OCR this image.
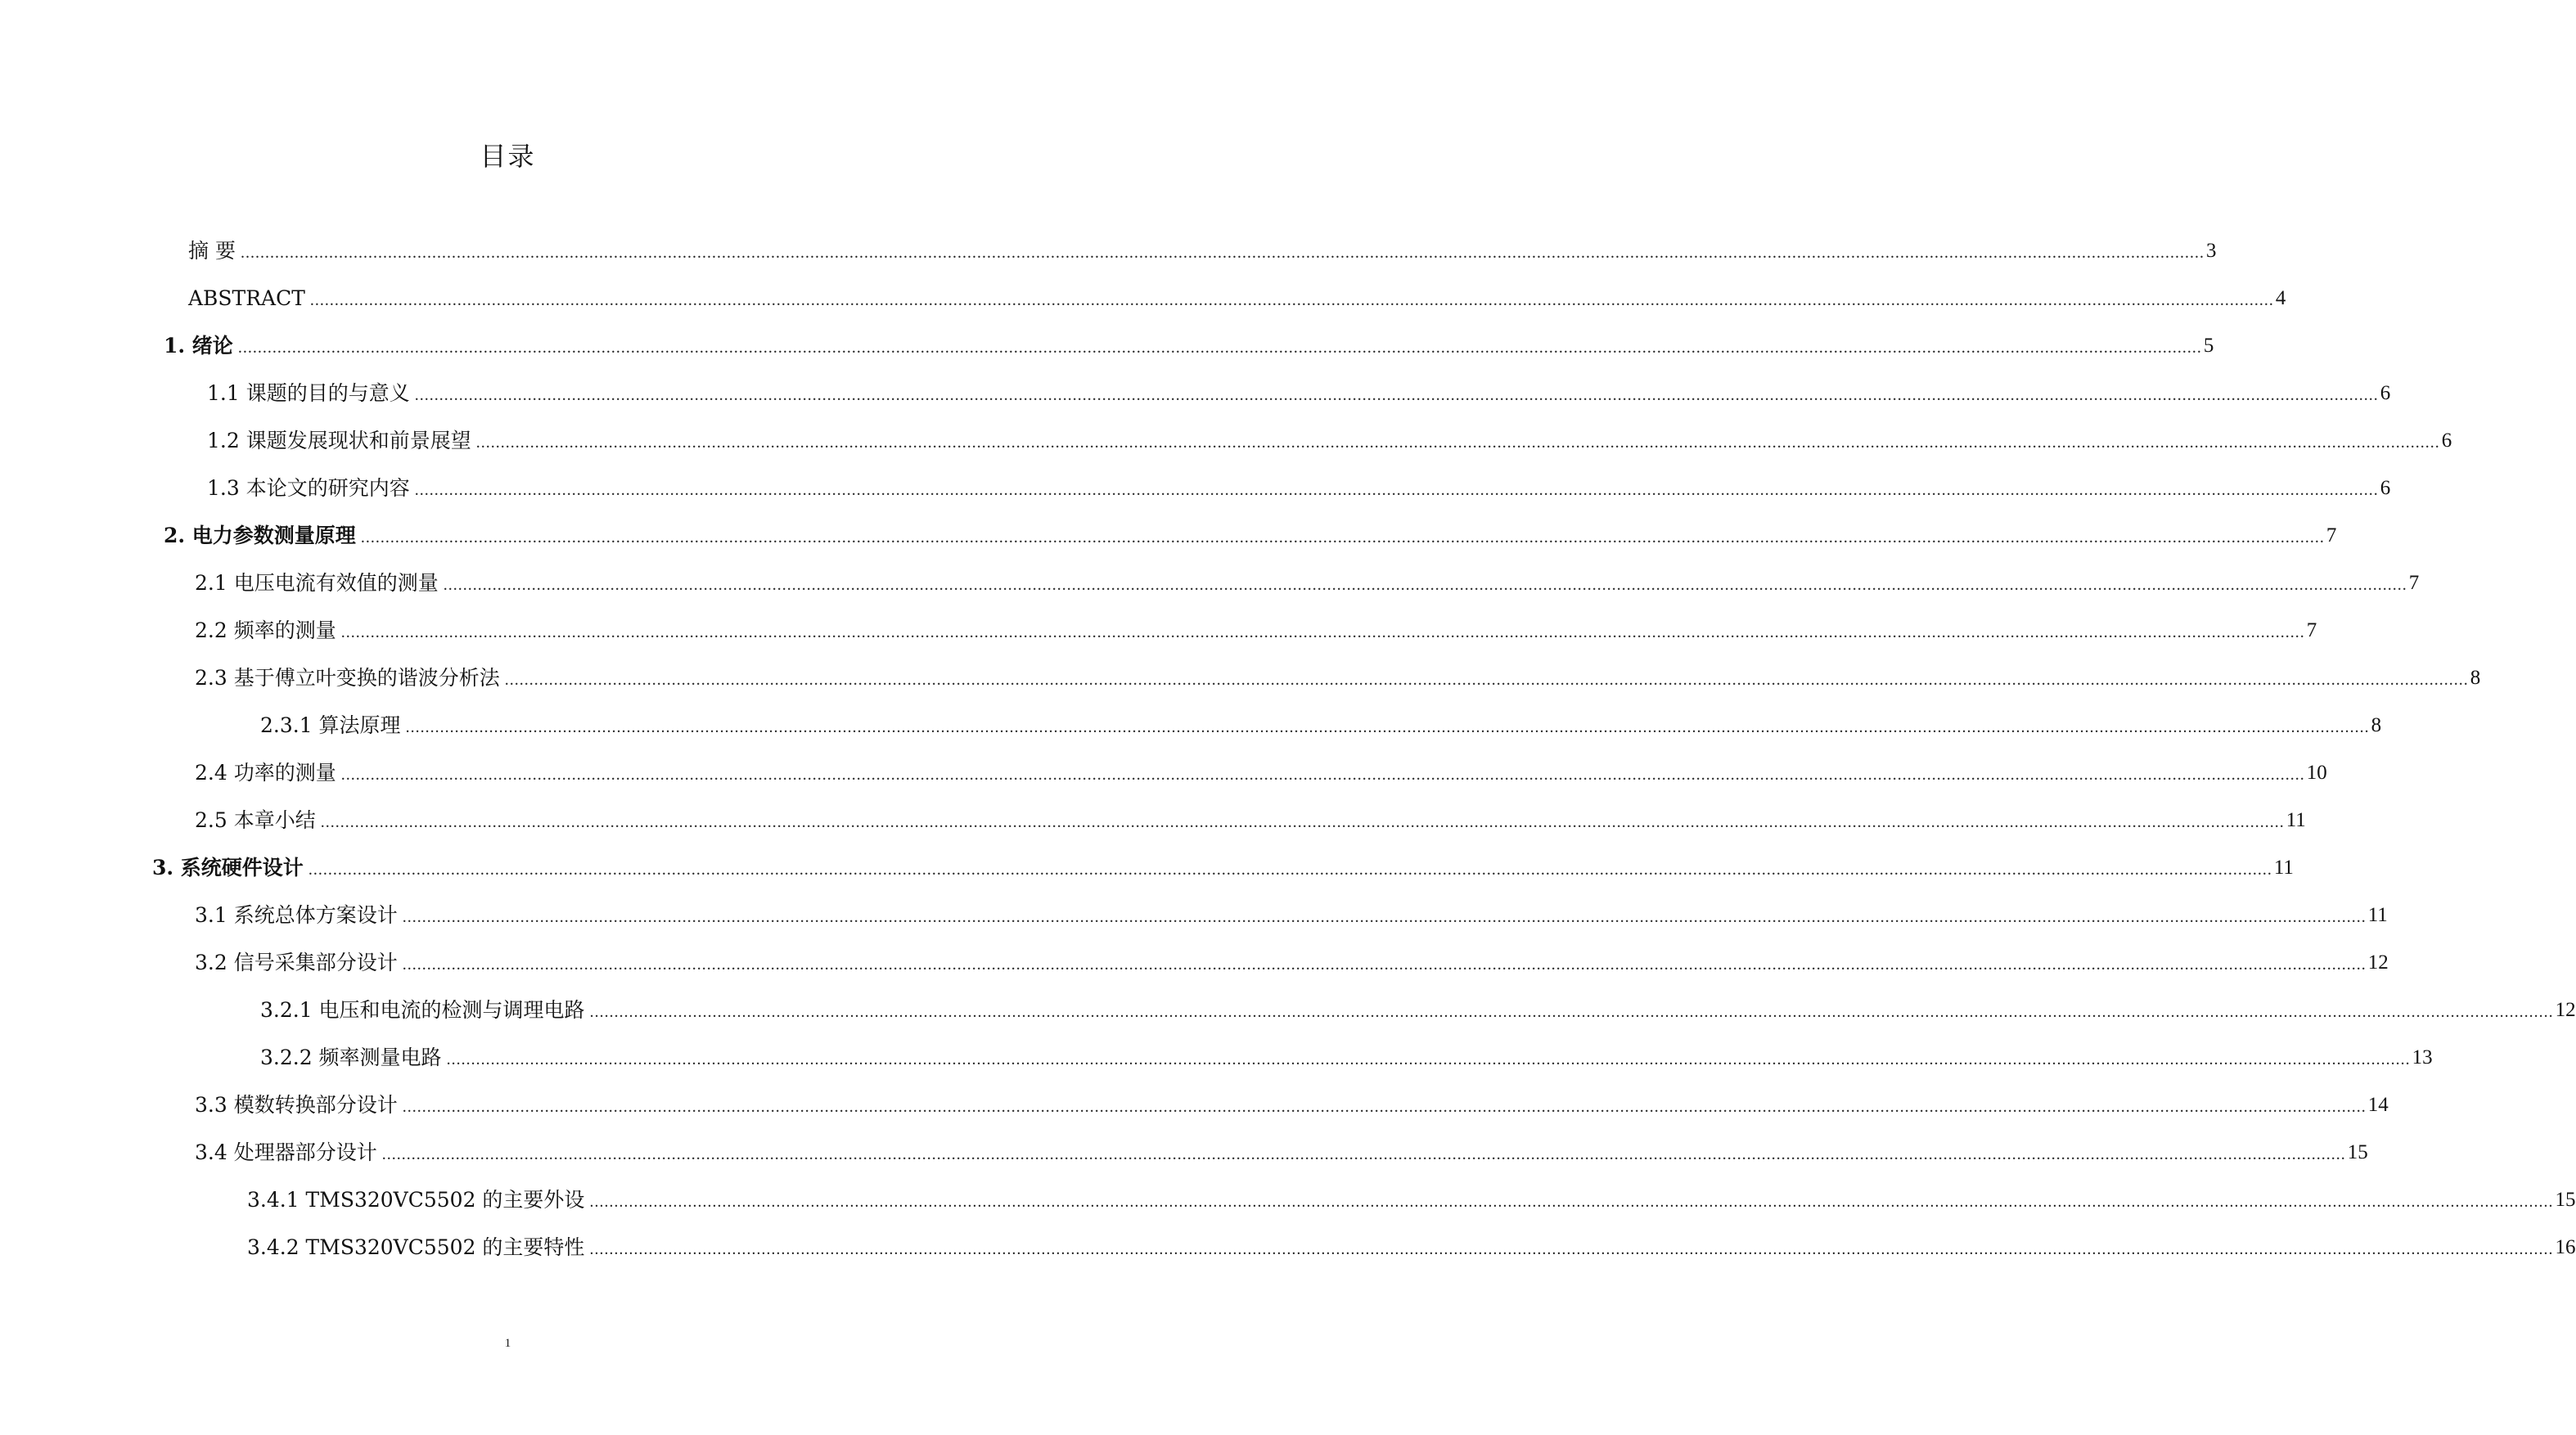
目录
摘 要 ................................................................................................................................................................................................................................................................................................................................................................................................................ 3
ABSTRACT ................................................................................................................................................................................................................................................................................................................................................................................................................ 4
1. 绪论 ................................................................................................................................................................................................................................................................................................................................................................................................................ 5
1.1 课题的目的与意义 ................................................................................................................................................................................................................................................................................................................................................................................................................ 6
1.2 课题发展现状和前景展望 ................................................................................................................................................................................................................................................................................................................................................................................................................ 6
1.3 本论文的研究内容 ................................................................................................................................................................................................................................................................................................................................................................................................................ 6
2. 电力参数测量原理 ................................................................................................................................................................................................................................................................................................................................................................................................................ 7
2.1 电压电流有效值的测量 ................................................................................................................................................................................................................................................................................................................................................................................................................ 7
2.2 频率的测量 ................................................................................................................................................................................................................................................................................................................................................................................................................ 7
2.3 基于傅立叶变换的谐波分析法 ................................................................................................................................................................................................................................................................................................................................................................................................................ 8
2.3.1 算法原理 ................................................................................................................................................................................................................................................................................................................................................................................................................ 8
2.4 功率的测量 ................................................................................................................................................................................................................................................................................................................................................................................................................ 10
2.5 本章小结 ................................................................................................................................................................................................................................................................................................................................................................................................................ 11
3. 系统硬件设计 ................................................................................................................................................................................................................................................................................................................................................................................................................ 11
3.1 系统总体方案设计 ................................................................................................................................................................................................................................................................................................................................................................................................................ 11
3.2 信号采集部分设计 ................................................................................................................................................................................................................................................................................................................................................................................................................ 12
3.2.1 电压和电流的检测与调理电路 ................................................................................................................................................................................................................................................................................................................................................................................................................ 12
3.2.2 频率测量电路 ................................................................................................................................................................................................................................................................................................................................................................................................................ 13
3.3 模数转换部分设计 ................................................................................................................................................................................................................................................................................................................................................................................................................ 14
3.4 处理器部分设计 ................................................................................................................................................................................................................................................................................................................................................................................................................ 15
3.4.1 TMS320VC5502 的主要外设 ................................................................................................................................................................................................................................................................................................................................................................................................................ 15
3.4.2 TMS320VC5502 的主要特性 ................................................................................................................................................................................................................................................................................................................................................................................................................ 16
1
